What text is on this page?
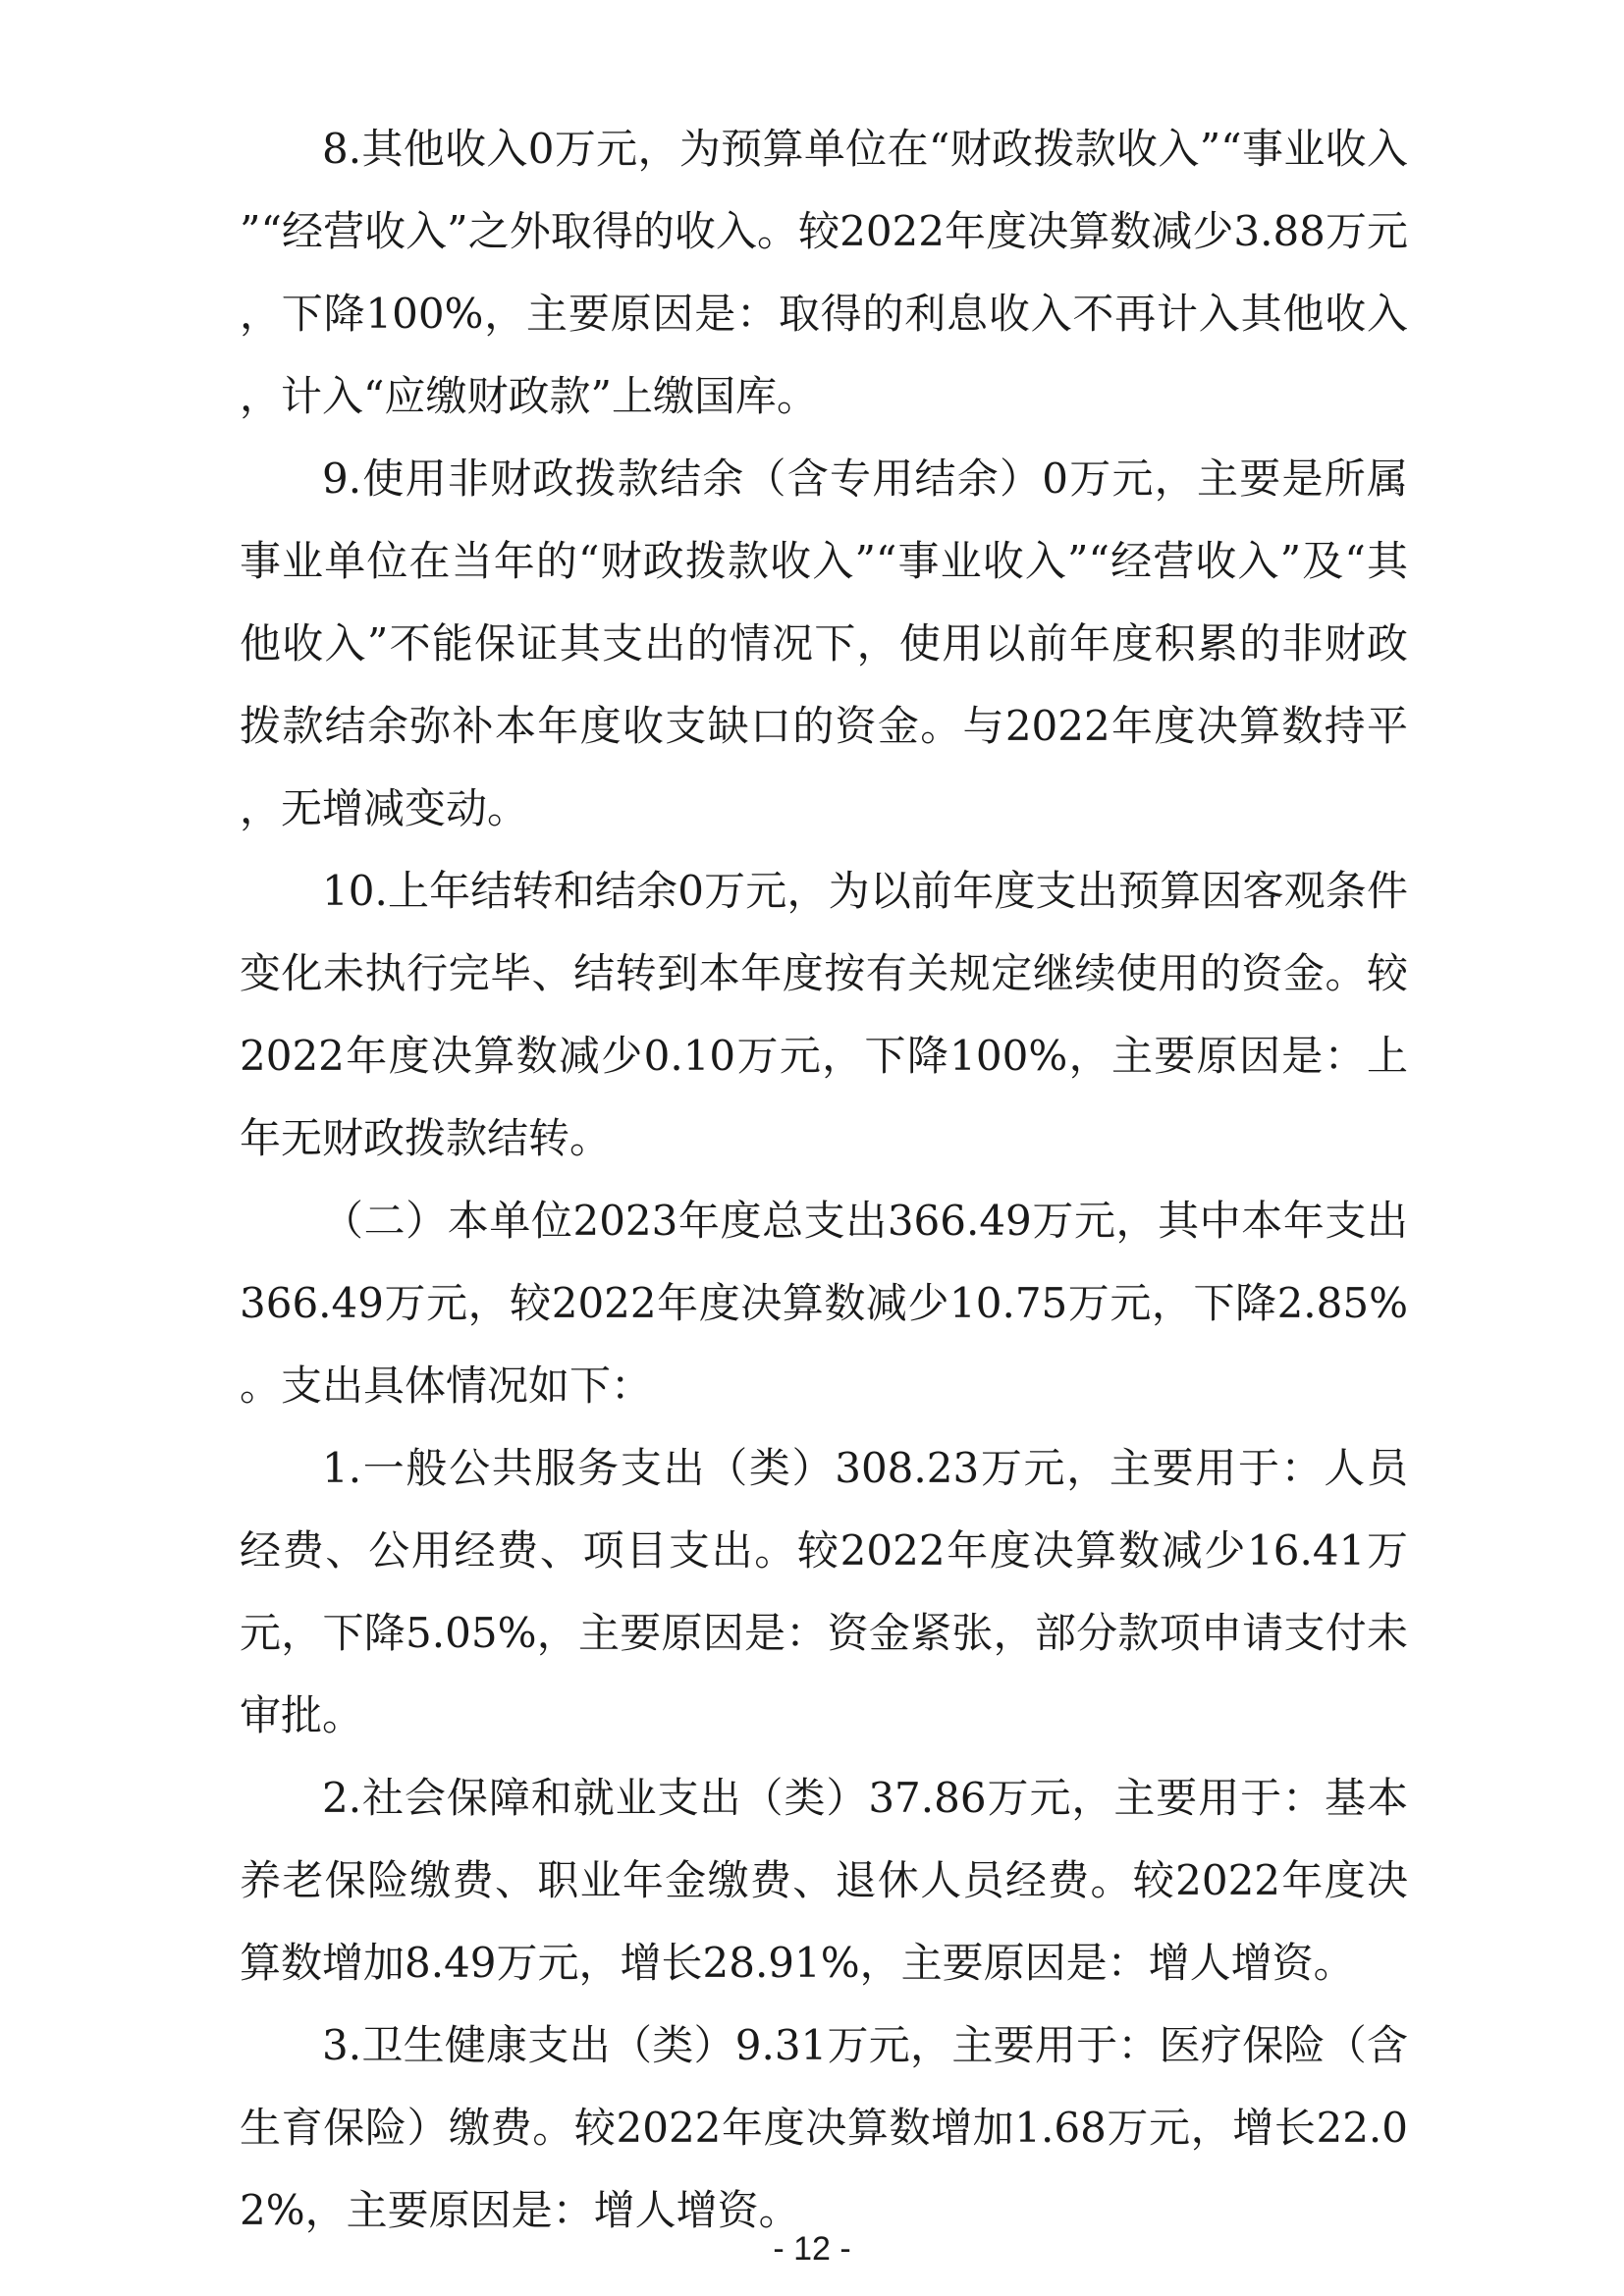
8.其他收入0万元，为预算单位在“财政拨款收入”“事业收入”“经营收入”之外取得的收入。较2022年度决算数减少3.88万元，下降100%，主要原因是：取得的利息收入不再计入其他收入，计入“应缴财政款”上缴国库。

9.使用非财政拨款结余（含专用结余）0万元，主要是所属事业单位在当年的“财政拨款收入”“事业收入”“经营收入”及“其他收入”不能保证其支出的情况下，使用以前年度积累的非财政拨款结余弥补本年度收支缺口的资金。与2022年度决算数持平，无增减变动。

10.上年结转和结余0万元，为以前年度支出预算因客观条件变化未执行完毕、结转到本年度按有关规定继续使用的资金。较2022年度决算数减少0.10万元，下降100%，主要原因是：上年无财政拨款结转。

（二）本单位2023年度总支出366.49万元，其中本年支出366.49万元，较2022年度决算数减少10.75万元，下降2.85%。支出具体情况如下：

1.一般公共服务支出（类）308.23万元，主要用于：人员经费、公用经费、项目支出。较2022年度决算数减少16.41万元，下降5.05%，主要原因是：资金紧张，部分款项申请支付未审批。

2.社会保障和就业支出（类）37.86万元，主要用于：基本养老保险缴费、职业年金缴费、退休人员经费。较2022年度决算数增加8.49万元，增长28.91%，主要原因是：增人增资。

3.卫生健康支出（类）9.31万元，主要用于：医疗保险（含生育保险）缴费。较2022年度决算数增加1.68万元，增长22.02%，主要原因是：增人增资。

- 12 -
